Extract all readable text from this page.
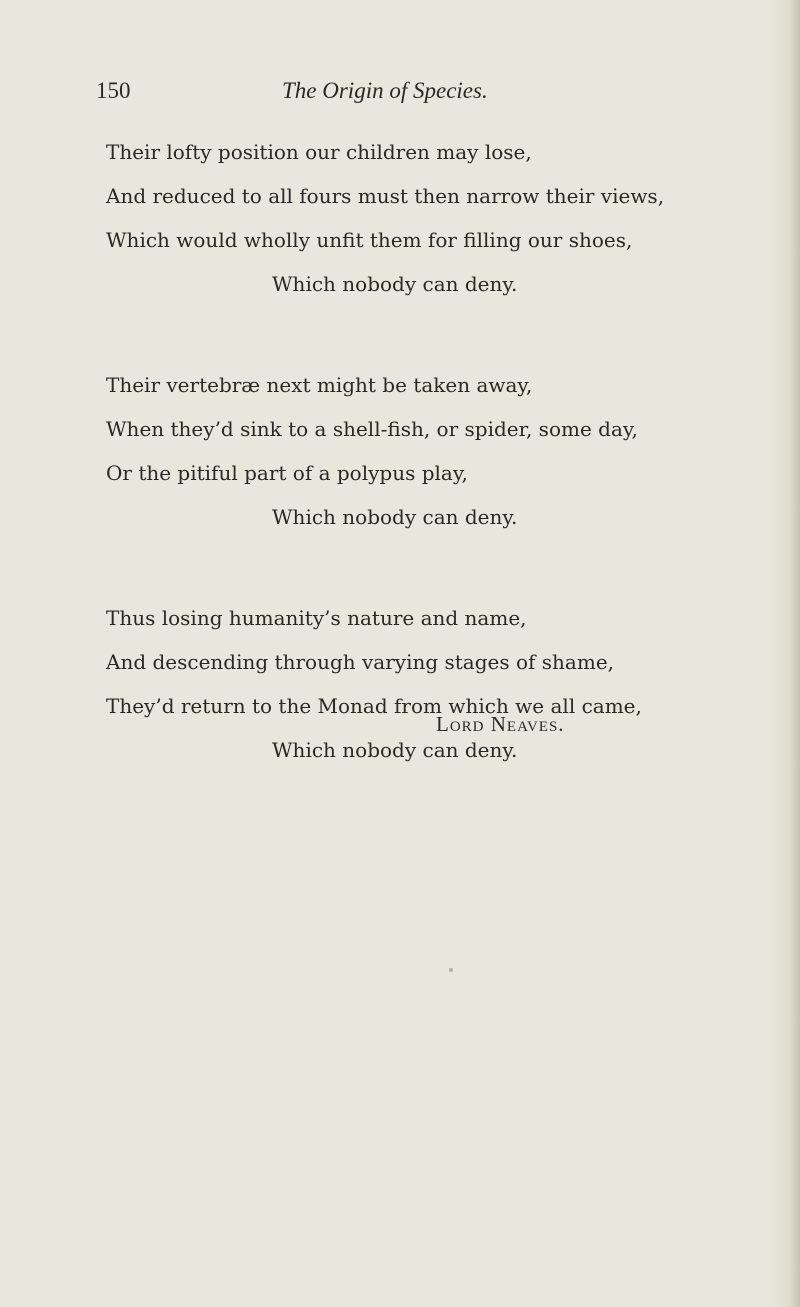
150	The Origin of Species.
Their lofty position our children may lose,
And reduced to all fours must then narrow their views,
Which would wholly unfit them for filling our shoes,
Which nobody can deny.
Their vertebræ next might be taken away,
When they’d sink to a shell-fish, or spider, some day,
Or the pitiful part of a polypus play,
Which nobody can deny.
Thus losing humanity’s nature and name,
And descending through varying stages of shame,
They’d return to the Monad from which we all came,
Which nobody can deny.
Lord Neaves.
